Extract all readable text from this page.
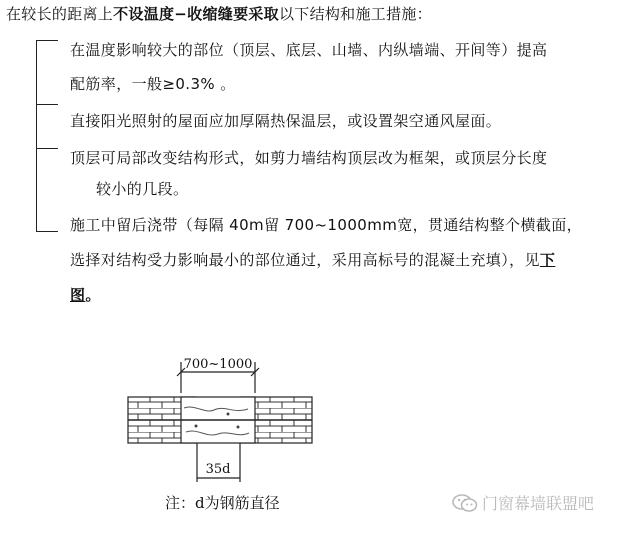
在较长的距离上不设温度−收缩缝要采取以下结构和施工措施：
在温度影响较大的部位（顶层、底层、山墙、内纵墙端、开间等）提高
配筋率，一般≥0.3% 。
直接阳光照射的屋面应加厚隔热保温层，或设置架空通风屋面。
顶层可局部改变结构形式，如剪力墙结构顶层改为框架，或顶层分长度
较小的几段。
施工中留后浇带（每隔 40m留 700~1000mm宽，贯通结构整个横截面，
选择对结构受力影响最小的部位通过，采用高标号的混凝土充填），见下
图。
700~1000
35d
注：d为钢筋直径	门窗幕墙联盟吧
